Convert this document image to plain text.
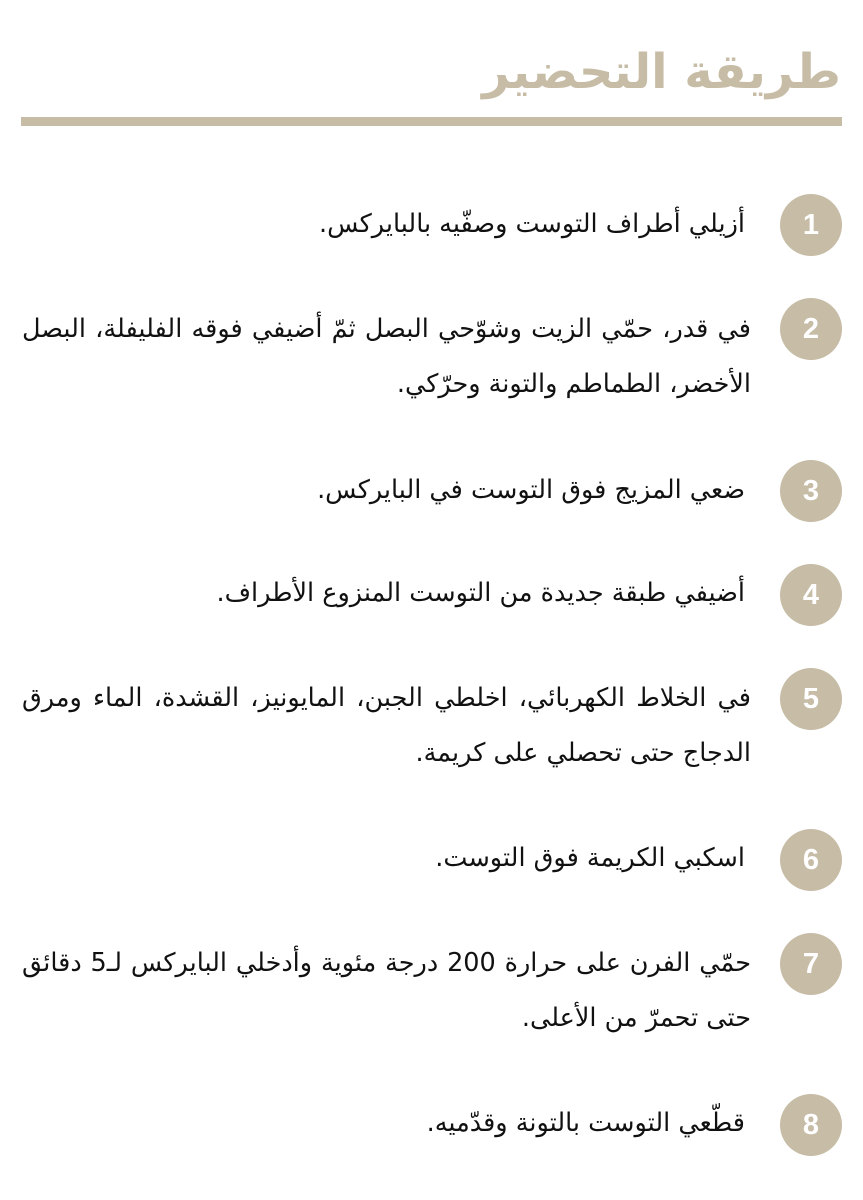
طريقة التحضير
1

أزيلي أطراف التوست وصفّيه بالبايركس.

2

في قدر، حمّي الزيت وشوّحي البصل ثمّ أضيفي فوقه الفليفلة، البصل الأخضر، الطماطم والتونة وحرّكي.

3

ضعي المزيج فوق التوست في البايركس.

4

أضيفي طبقة جديدة من التوست المنزوع الأطراف.

5

في الخلاط الكهربائي، اخلطي الجبن، المايونيز، القشدة، الماء ومرق الدجاج حتى تحصلي على كريمة.

6

اسكبي الكريمة فوق التوست.

7

حمّي الفرن على حرارة 200 درجة مئوية وأدخلي البايركس لـ5 دقائق حتى تحمرّ من الأعلى.

8

قطّعي التوست بالتونة وقدّميه.
